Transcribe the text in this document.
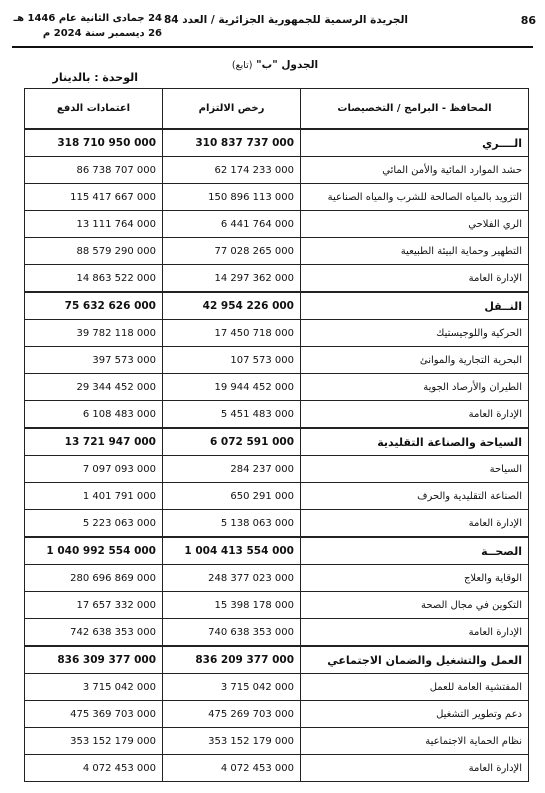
86
الجريدة الرسمية للجمهورية الجزائرية / العدد 84
24 جمادى الثانية عام 1446 هـ
26 ديسمبر سنة 2024 م
الجدول "ب" (تابع)
الوحدة : بالدينار
المحافظ - البرامج / التخصيصات	رخص الالتزام	اعتمادات الدفع
الــــري	310 837 737 000	318 710 950 000
حشد الموارد المائية والأمن المائي	62 174 233 000	86 738 707 000
التزويد بالمياه الصالحة للشرب والمياه الصناعية	150 896 113 000	115 417 667 000
الري الفلاحي	6 441 764 000	13 111 764 000
التطهير وحماية البيئة الطبيعية	77 028 265 000	88 579 290 000
الإدارة العامة	14 297 362 000	14 863 522 000
النــقل	42 954 226 000	75 632 626 000
الحركية واللوجيستيك	17 450 718 000	39 782 118 000
البحرية التجارية والموانئ	107 573 000	397 573 000
الطيران والأرصاد الجوية	19 944 452 000	29 344 452 000
الإدارة العامة	5 451 483 000	6 108 483 000
السياحة والصناعة التقليدية	6 072 591 000	13 721 947 000
السياحة	284 237 000	7 097 093 000
الصناعة التقليدية والحرف	650 291 000	1 401 791 000
الإدارة العامة	5 138 063 000	5 223 063 000
الصحــة	1 004 413 554 000	1 040 992 554 000
الوقاية والعلاج	248 377 023 000	280 696 869 000
التكوين في مجال الصحة	15 398 178 000	17 657 332 000
الإدارة العامة	740 638 353 000	742 638 353 000
العمل والتشغيل والضمان الاجتماعي	836 209 377 000	836 309 377 000
المفتشية العامة للعمل	3 715 042 000	3 715 042 000
دعم وتطوير التشغيل	475 269 703 000	475 369 703 000
نظام الحماية الاجتماعية	353 152 179 000	353 152 179 000
الإدارة العامة	4 072 453 000	4 072 453 000
